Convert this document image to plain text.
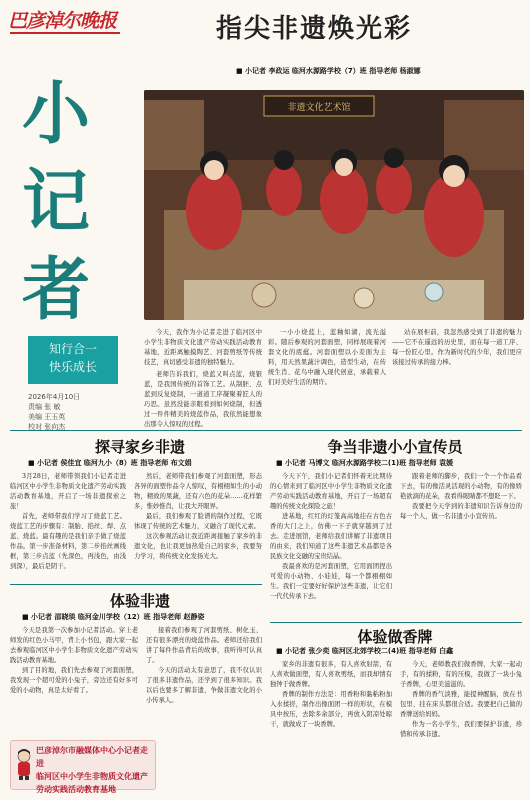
巴彦淖尔晚报
小记者
知行合一
快乐成长
2026年4月10日
责编 张 敏
美编 王玉英
校对 张向杰
指尖非遗焕光彩
■ 小记者 李政运 临河水源路学校（7）班 指导老师 杨淑娜
非遗文化艺术馆

今天，我作为小记者走进了临河区中小学生非物质文化遗产劳动实践活动教育基地，近距离触摸陶艺、河套剪纸等传统技艺，真切感受非遗的独特魅力。

老师告诉我们，烧蓝又叫点蓝，烧银蓝，是我国传统的首饰工艺。从制胚、点蓝到反复烧制，一道道工序凝聚着匠人的巧思。虽然没能亲眼看到如何烧制，但透过一件件精美的烧蓝作品，我依然能想象出那令人惊叹的过程。

一小小烧蓝上，蓝釉如湖，流光溢彩。随后参观的河套面塑，同样展现着河套文化的底蕴。河套面塑以小麦面为主料，用天然果蔬汁调色，造型生动，在传统生肖、花鸟中融入现代创意，承载着人们对美好生活的期许。

站在展柜前，我忽然感受到了非遗的魅力——它不在遥远的历史里，而在每一道工序、每一份匠心里。作为新时代的少年，我们更应该接过传承的接力棒。

探寻家乡非遗
■ 小记者 侯佳宜 临河九小（8）班 指导老师 布文娟

3月28日，老师带领我们小记者走进临河区中小学生非物质文化遗产劳动实践活动教育基地，开启了一场非遗探索之旅！

首先，老师带我们学习了烧蓝工艺。烧蓝工艺的步骤有：制胎、掐丝、焊、点蓝、烧蓝。最有趣的是我们亲手做了烧蓝作品。第一步准备材料，第二步掐丝画线框，第三步点蓝（先深色，再浅色，由浅到深），最后是阴干。

然后，老师带我们参观了河套面塑，形态各异的面塑作品令人惊叹，有栩栩如生的小动物，精致的果蔬，还有六色的花朵……花样繁多，惟妙惟肖，让我大开眼界。

最后，我们参观了脸谱的制作过程，它既体现了传统的艺术魅力，又融合了现代元素。

这次参观活动让我近距离接触了家乡的非遗文化，也让我更加热爱自己的家乡，我要努力学习，将传统文化发扬光大。

争当非遗小小宣传员
■ 小记者 马博文 临河水源路学校二(1)班 指导老师 袁媛

今天下午，我们小记者们怀着无比期待的心情来到了临河区中小学生非物质文化遗产劳动实践活动教育基地，开启了一场超有趣的传统文化探险之旅！

进基地，红红的灯笼高高地挂在古色古香的大门之上，仿佛一下子就穿越到了过去。走进展馆，老师给我们讲解了非遗项目的由来，我们知道了这些非遗艺术品都是各民族文化交融的宝贵结晶。

我最喜欢的是河套面塑，它用面团捏出可爱的小动物、小娃娃，每一个都栩栩如生。我们一定要好好保护这些非遗，让它们一代代传承下去。

跟着老师的脚步，我们一个一个作品看下去，有的像活灵活现的小动物，有的像娇艳欲滴的花朵，我看得眼睛都不想眨一下。

我要把今天学到的非遗知识告诉身边的每一个人，做一名非遗小小宣传员。

体验非遗
■ 小记者 邵晓琰 临河金川学校（12）班 指导老师 赵静姿

今天是我第一次参加小记者活动。穿上老师发的红色小马甲，背上小书包，跟大家一起去参观临河区中小学生非物质文化遗产劳动实践活动教育基地。

到了目的地，我们先去参观了河套面塑，我发现一个超可爱的小兔子，旁边还有好多可爱的小动物，真是太好看了。

接着我们参观了河套剪纸、树化玉、还有很多漂亮的烧蓝作品。老师还给我们讲了每件作品背后的故事，我听得可认真了。

今天的活动太有意思了，我不仅认识了很多非遗作品，还学到了很多知识。我以后也要多了解非遗，争做非遗文化的小小传承人。

体验做香牌
■ 小记者 张少奕 临河区北郊学校二(4)班 指导老师 白鑫

家乡的非遗有很多，有人喜欢射箭，有人喜欢做面塑，有人喜欢剪纸，而我却情有独钟于做香牌。

香牌的制作方法是：用香粉和黏粘粉加入水揉搓，制作出像面团一样的形状，在模具中按压，去除多余部分，再放入阴凉处晾干，就做成了一块香牌。

今天，老师教我们做香牌，大家一起动手，有的揉粉，有的压模，我做了一块小兔子香牌，心里美滋滋的。

香牌的香气淡雅，能提神醒脑，放在书包里、挂在床头都很合适。我要把自己做的香牌送给妈妈。

作为一名小学生，我们要保护非遗，珍惜和传承非遗。

巴彦淖尔市融媒体中心小记者走进
临河区中小学生非物质文化遗产
劳动实践活动教育基地
